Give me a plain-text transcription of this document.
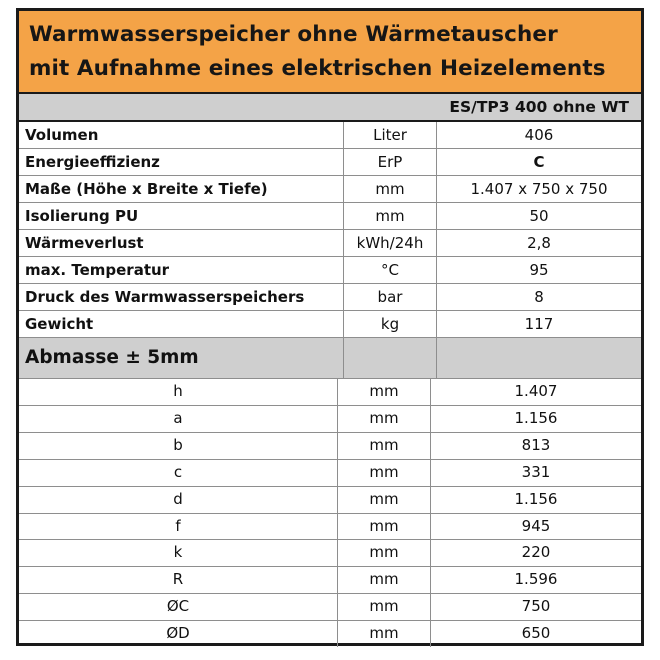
Warmwasserspeicher ohne Wärmetauscher
mit Aufnahme eines elektrischen Heizelements
ES/TP3 400 ohne WT
Volumen	Liter	406
Energieeffizienz	ErP	C
Maße (Höhe x Breite x Tiefe)	mm	1.407 x 750 x 750
Isolierung PU	mm	50
Wärmeverlust	kWh/24h	2,8
max. Temperatur	°C	95
Druck des Warmwasserspeichers	bar	8
Gewicht	kg	117
Abmasse ± 5mm		
h	mm	1.407
a	mm	1.156
b	mm	813
c	mm	331
d	mm	1.156
f	mm	945
k	mm	220
R	mm	1.596
ØC	mm	750
ØD	mm	650
